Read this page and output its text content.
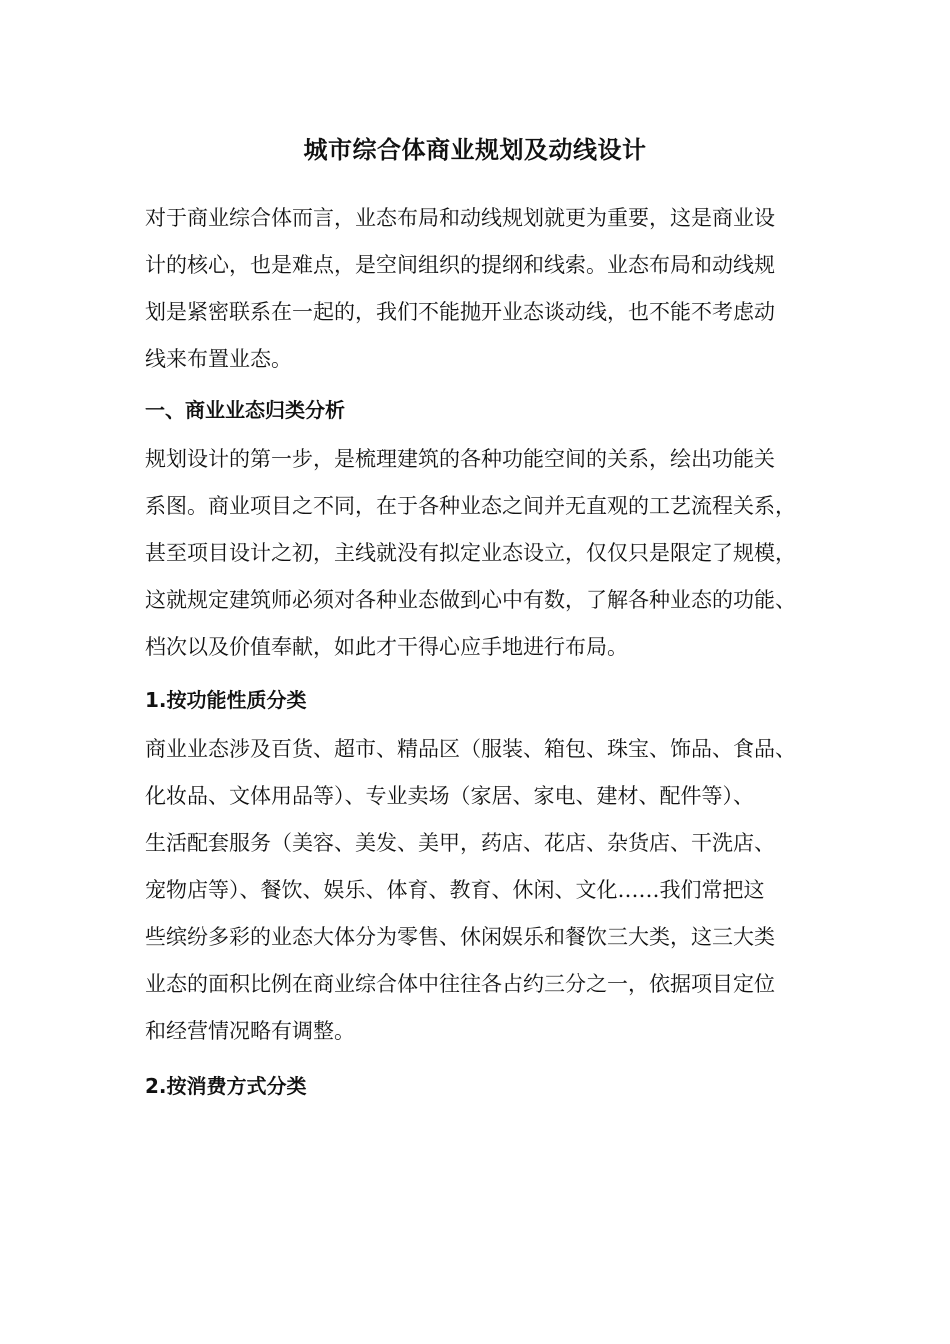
城市综合体商业规划及动线设计

对于商业综合体而言，业态布局和动线规划就更为重要，这是商业设
计的核心，也是难点，是空间组织的提纲和线索。业态布局和动线规
划是紧密联系在一起的，我们不能抛开业态谈动线，也不能不考虑动
线来布置业态。

一、商业业态归类分析

规划设计的第一步，是梳理建筑的各种功能空间的关系，绘出功能关
系图。商业项目之不同，在于各种业态之间并无直观的工艺流程关系，
甚至项目设计之初，主线就没有拟定业态设立，仅仅只是限定了规模，
这就规定建筑师必须对各种业态做到心中有数，了解各种业态的功能、
档次以及价值奉献，如此才干得心应手地进行布局。

1.按功能性质分类

商业业态涉及百货、超市、精品区（服装、箱包、珠宝、饰品、食品、
化妆品、文体用品等）、专业卖场（家居、家电、建材、配件等）、
生活配套服务（美容、美发、美甲，药店、花店、杂货店、干洗店、
宠物店等）、餐饮、娱乐、体育、教育、休闲、文化……我们常把这
些缤纷多彩的业态大体分为零售、休闲娱乐和餐饮三大类，这三大类
业态的面积比例在商业综合体中往往各占约三分之一，依据项目定位
和经营情况略有调整。

2.按消费方式分类
